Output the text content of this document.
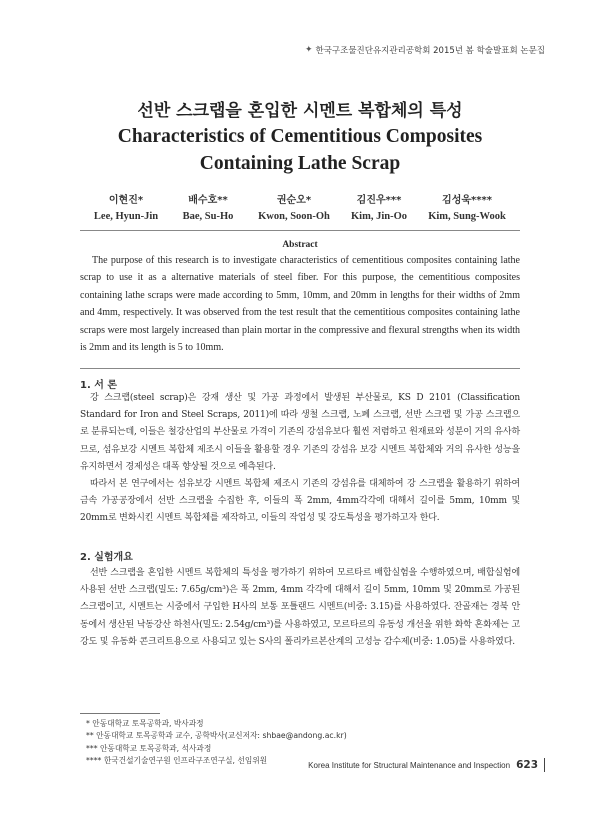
✦ 한국구조물진단유지관리공학회 2015년 봄 학술발표회 논문집
선반 스크랩을 혼입한 시멘트 복합체의 특성
Characteristics of Cementitious Composites
Containing Lathe Scrap
이현진*
Lee, Hyun-Jin
배수호**
Bae, Su-Ho
권순오*
Kwon, Soon-Oh
김진우***
Kim, Jin-Oo
김성욱****
Kim, Sung-Wook
Abstract

The purpose of this research is to investigate characteristics of cementitious composites containing lathe scrap to use it as a alternative materials of steel fiber. For this purpose, the cementitious composites containing lathe scraps were made according to 5mm, 10mm, and 20mm in lengths for their widths of 2mm and 4mm, respectively. It was observed from the test result that the cementitious composites containing lathe scraps were most largely increased than plain mortar in the compressive and flexural strengths when its width is 2mm and its length is 5 to 10mm.

1. 서 론

강 스크랩(steel scrap)은 강재 생산 및 가공 과정에서 발생된 부산물로, KS D 2101 (Classification Standard for Iron and Steel Scraps, 2011)에 따라 생철 스크랩, 노폐 스크랩, 선반 스크랩 및 가공 스크랩으로 분류되는데, 이들은 철강산업의 부산물로 가격이 기존의 강섬유보다 훨씬 저렴하고 원재료와 성분이 거의 유사하므로, 섬유보강 시멘트 복합체 제조시 이들을 활용할 경우 기존의 강섬유 보강 시멘트 복합체와 거의 유사한 성능을 유지하면서 경제성은 대폭 향상될 것으로 예측된다.

따라서 본 연구에서는 섬유보강 시멘트 복합체 제조시 기존의 강섬유를 대체하여 강 스크랩을 활용하기 위하여 금속 가공공장에서 선반 스크랩을 수집한 후, 이들의 폭 2mm, 4mm각각에 대해서 길이를 5mm, 10mm 및 20mm로 변화시킨 시멘트 복합체를 제작하고, 이들의 작업성 및 강도특성을 평가하고자 한다.

2. 실험개요

선반 스크랩을 혼입한 시멘트 복합체의 특성을 평가하기 위하여 모르타르 배합실험을 수행하였으며, 배합실험에 사용된 선반 스크랩(밀도: 7.65g/cm³)은 폭 2mm, 4mm 각각에 대해서 길이 5mm, 10mm 및 20mm로 가공된 스크랩이고, 시멘트는 시중에서 구입한 H사의 보통 포틀랜드 시멘트(비중: 3.15)를 사용하였다. 잔골재는 경북 안동에서 생산된 낙동강산 하천사(밀도: 2.54g/cm³)를 사용하였고, 모르타르의 유동성 개선을 위한 화학 혼화제는 고강도 및 유동화 콘크리트용으로 사용되고 있는 S사의 폴리카르본산계의 고성능 감수제(비중: 1.05)를 사용하였다.

* 안동대학교 토목공학과, 박사과정
** 안동대학교 토목공학과 교수, 공학박사(교신저자: shbae@andong.ac.kr)
*** 안동대학교 토목공학과, 석사과정
**** 한국건설기술연구원 인프라구조연구실, 선임위원	Korea Institute for Structural Maintenance and Inspection 623
